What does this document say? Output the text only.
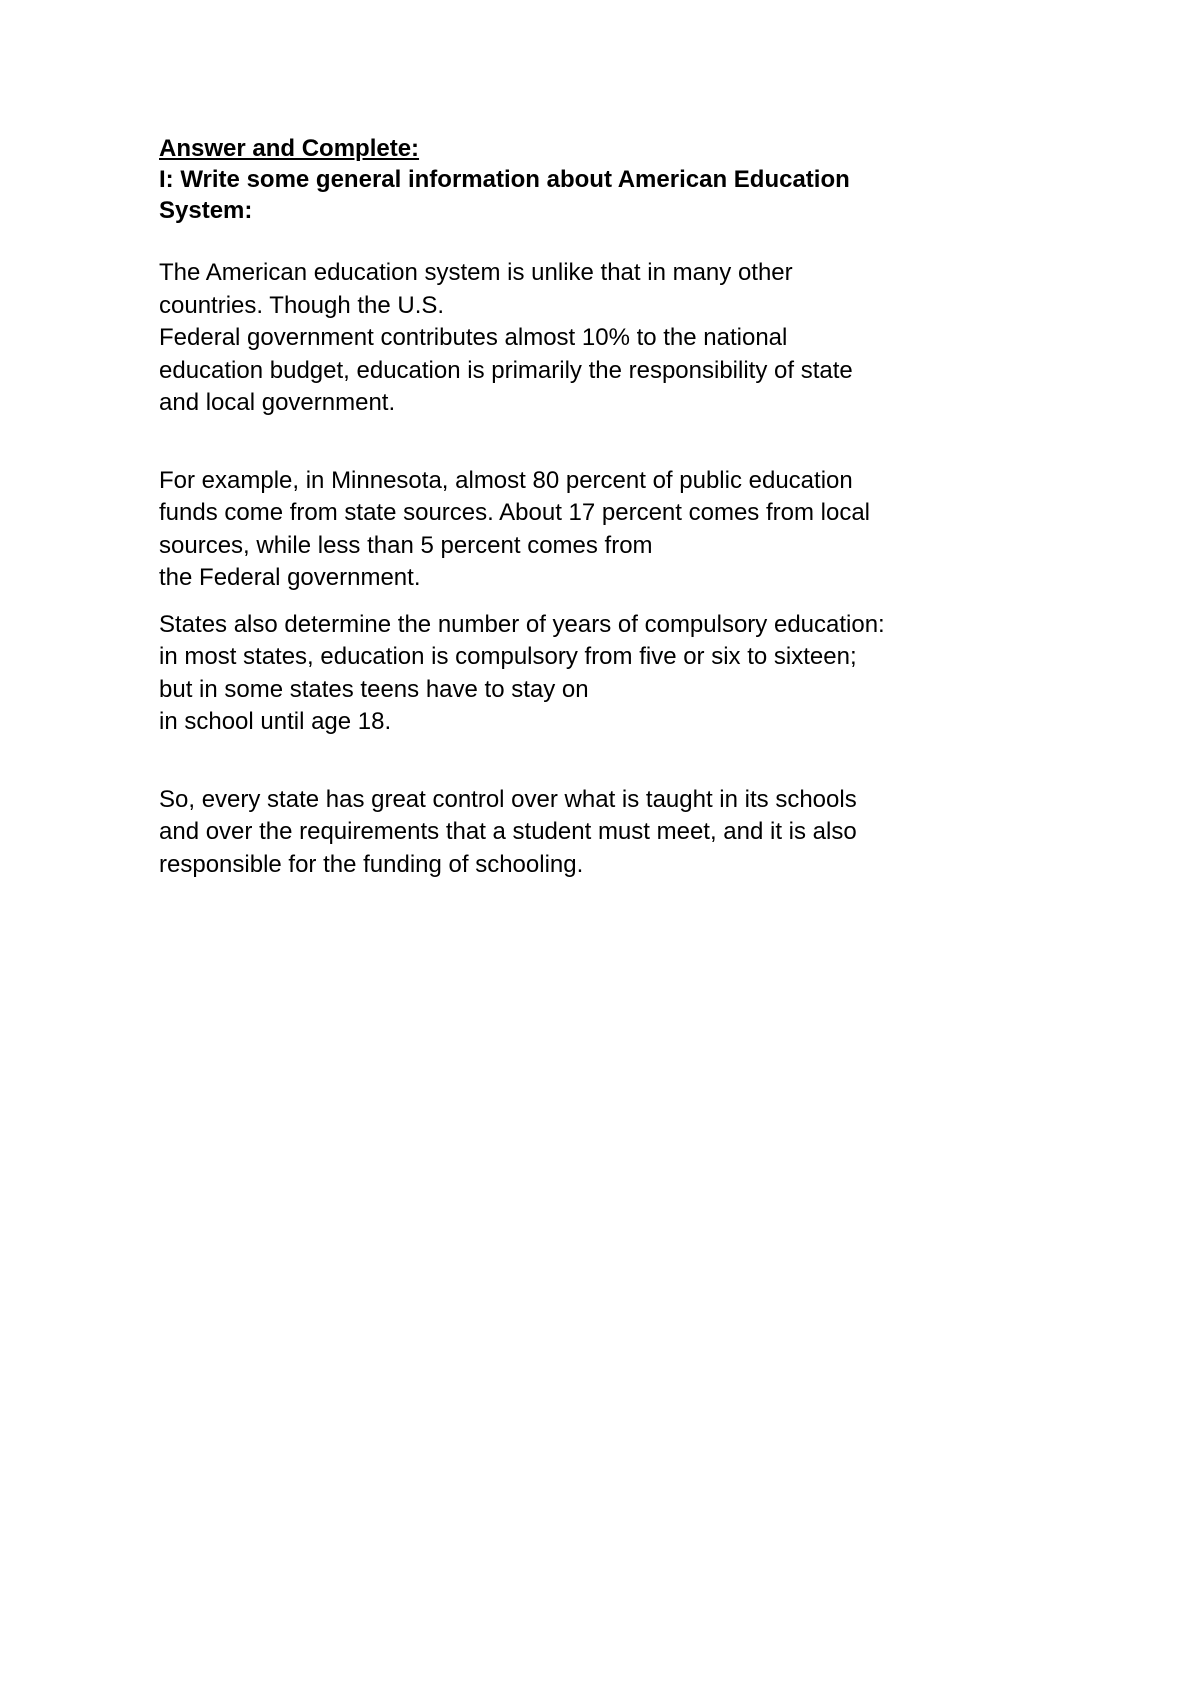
Answer and Complete:

I: Write some general information about American Education
System:

The American education system is unlike that in many other
countries. Though the U.S.
Federal government contributes almost 10% to the national
education budget, education is primarily the responsibility of state
and local government.

For example, in Minnesota, almost 80 percent of public education
funds come from state sources. About 17 percent comes from local
sources, while less than 5 percent comes from
the Federal government.

States also determine the number of years of compulsory education:
in most states, education is compulsory from five or six to sixteen;
but in some states teens have to stay on
in school until age 18.

So, every state has great control over what is taught in its schools
and over the requirements that a student must meet, and it is also
responsible for the funding of schooling.
